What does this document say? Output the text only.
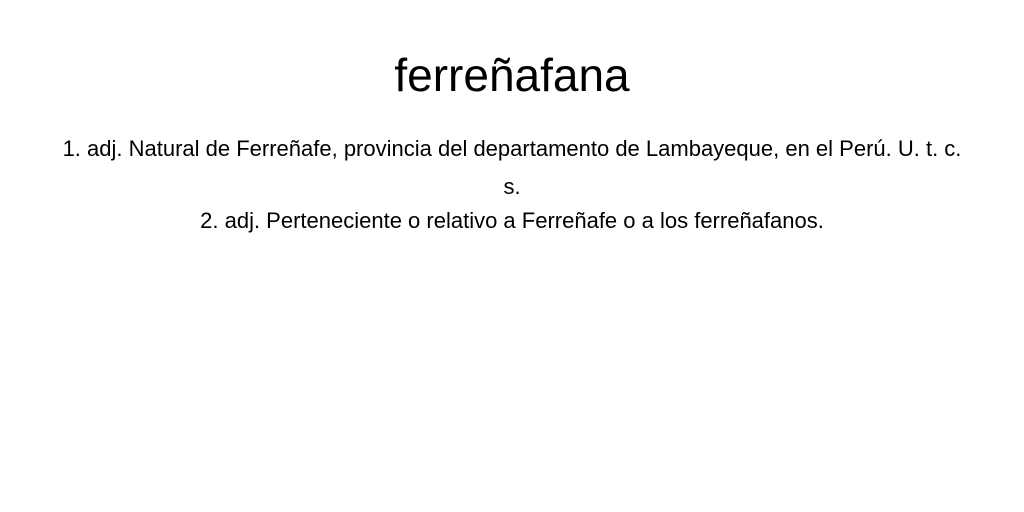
ferreñafana
1. adj. Natural de Ferreñafe, provincia del departamento de Lambayeque, en el Perú. U. t. c. s.
2. adj. Perteneciente o relativo a Ferreñafe o a los ferreñafanos.
